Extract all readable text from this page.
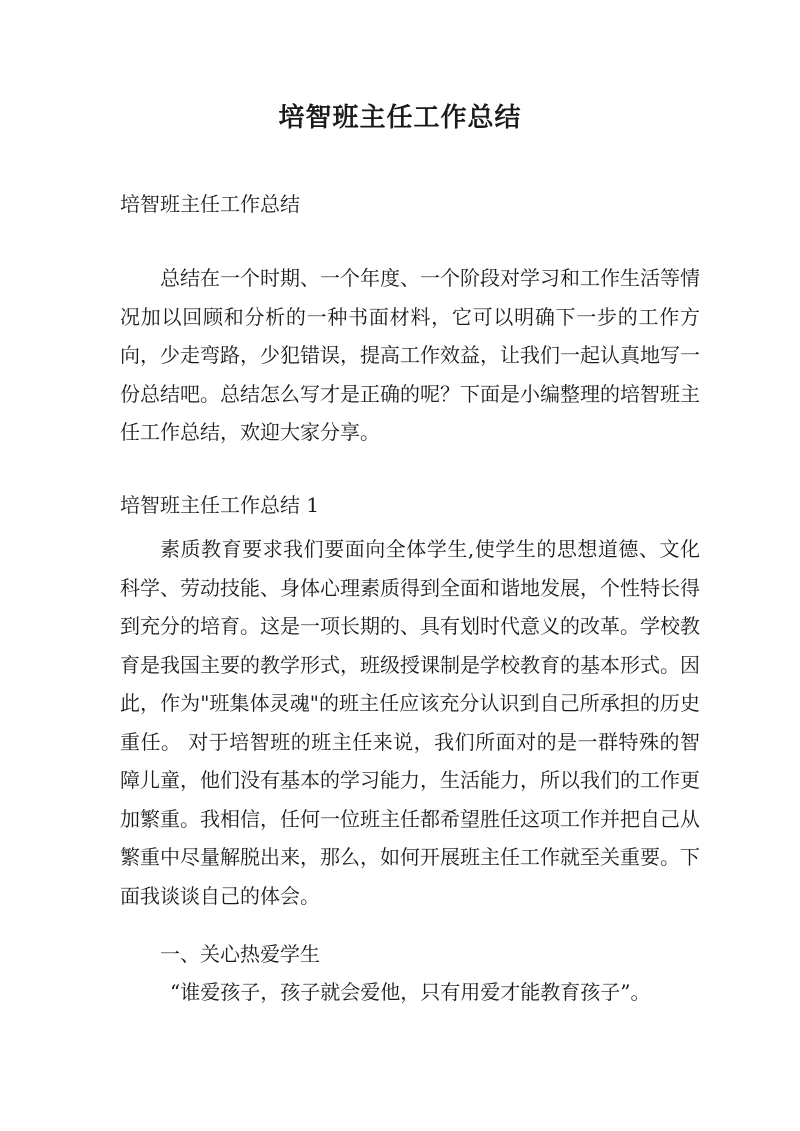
培智班主任工作总结

培智班主任工作总结

总结在一个时期、一个年度、一个阶段对学习和工作生活等情况加以回顾和分析的一种书面材料，它可以明确下一步的工作方向，少走弯路，少犯错误，提高工作效益，让我们一起认真地写一份总结吧。总结怎么写才是正确的呢？下面是小编整理的培智班主任工作总结，欢迎大家分享。

培智班主任工作总结 1

素质教育要求我们要面向全体学生,使学生的思想道德、文化科学、劳动技能、身体心理素质得到全面和谐地发展，个性特长得到充分的培育。这是一项长期的、具有划时代意义的改革。学校教育是我国主要的教学形式，班级授课制是学校教育的基本形式。因此，作为"班集体灵魂"的班主任应该充分认识到自己所承担的历史重任。 对于培智班的班主任来说，我们所面对的是一群特殊的智障儿童，他们没有基本的学习能力，生活能力，所以我们的工作更加繁重。我相信，任何一位班主任都希望胜任这项工作并把自己从繁重中尽量解脱出来，那么，如何开展班主任工作就至关重要。下面我谈谈自己的体会。

一、关心热爱学生

“谁爱孩子，孩子就会爱他，只有用爱才能教育孩子”。
